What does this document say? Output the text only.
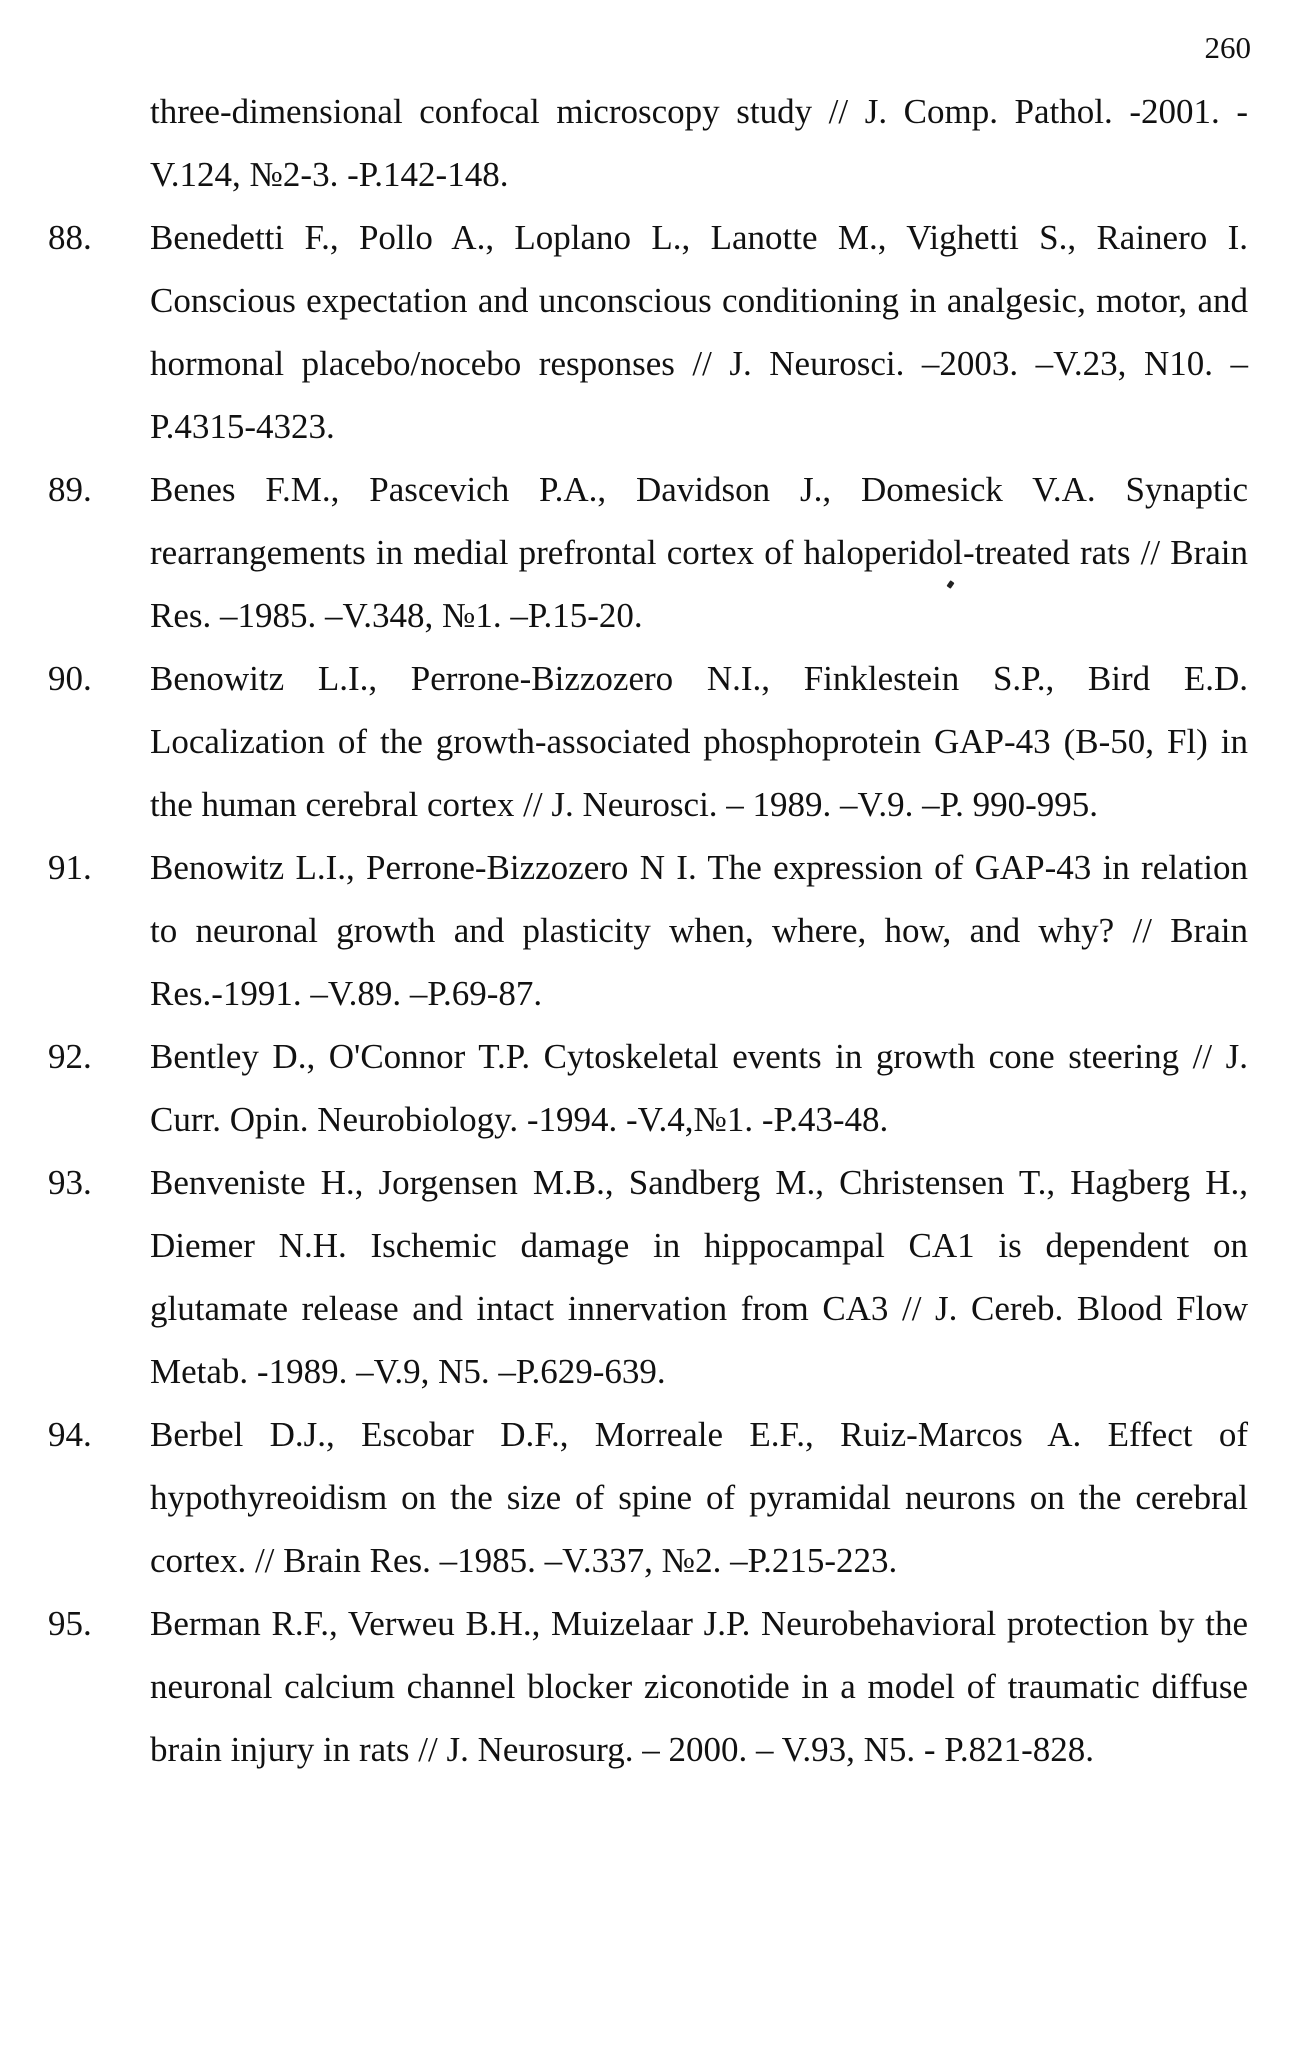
260

three-dimensional confocal microscopy study // J. Comp. Pathol. -2001. - V.124, №2-3. -P.142-148.

88.	Benedetti F., Pollo A., Loplano L., Lanotte M., Vighetti S., Rainero I. Conscious expectation and unconscious conditioning in analgesic, motor, and hormonal placebo/nocebo responses // J. Neurosci. –2003. –V.23, N10. –P.4315-4323.

89.	Benes F.M., Pascevich P.A., Davidson J., Domesick V.A. Synaptic rearrangements in medial prefrontal cortex of haloperidol-treated rats // Brain Res. –1985. –V.348, №1. –P.15-20.

90.	Benowitz L.I., Perrone-Bizzozero N.I., Finklestein S.P., Bird E.D. Localization of the growth-associated phosphoprotein GAP-43 (B-50, Fl) in the human cerebral cortex // J. Neurosci. – 1989. –V.9. –P. 990-995.

91.	Benowitz L.I., Perrone-Bizzozero N I. The expression of GAP-43 in relation to neuronal growth and plasticity when, where, how, and why? // Brain Res.-1991. –V.89. –P.69-87.

92.	Bentley D., O'Connor T.P. Cytoskeletal events in growth cone steering // J. Curr. Opin. Neurobiology. -1994. -V.4,№1. -P.43-48.

93.	Benveniste H., Jorgensen M.B., Sandberg M., Christensen T., Hagberg H., Diemer N.H. Ischemic damage in hippocampal CA1 is dependent on glutamate release and intact innervation from CA3 // J. Cereb. Blood Flow Metab. -1989. –V.9, N5. –P.629-639.

94.	Berbel D.J., Escobar D.F., Morreale E.F., Ruiz-Marcos A. Effect of hypothyreoidism on the size of spine of pyramidal neurons on the cerebral cortex. // Brain Res. –1985. –V.337, №2. –P.215-223.

95.	Berman R.F., Verweu B.H., Muizelaar J.P. Neurobehavioral protection by the neuronal calcium channel blocker ziconotide in a model of traumatic diffuse brain injury in rats // J. Neurosurg. – 2000. – V.93, N5. - P.821-828.
